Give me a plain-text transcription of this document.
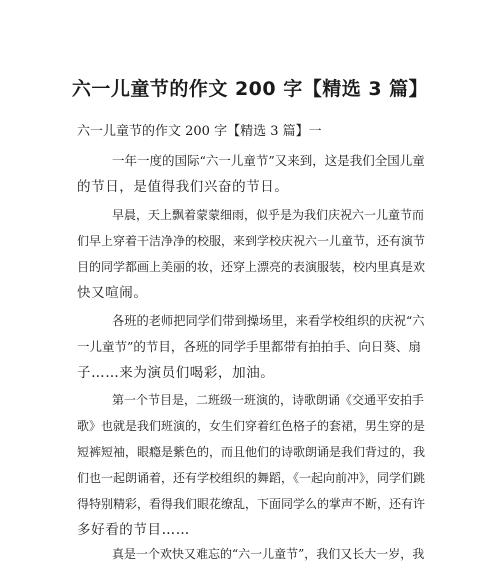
六一儿童节的作文 200 字【精选 3 篇】
六一儿童节的作文 200 字【精选 3 篇】一
一年一度的国际“六一儿童节”又来到，这是我们全国儿童
的节日，是值得我们兴奋的节日。
早晨，天上飘着蒙蒙细雨，似乎是为我们庆祝六一儿童节而
们早上穿着干洁净净的校服，来到学校庆祝六一儿童节，还有演节
目的同学都画上美丽的妆，还穿上漂亮的表演服装，校内里真是欢
快又喧闹。
各班的老师把同学们带到操场里，来看学校组织的庆祝“六
一儿童节”的节目，各班的同学手里都带有拍拍手、向日葵、扇
子……来为演员们喝彩，加油。
第一个节目是，二班级一班演的，诗歌朗诵《交通平安拍手
歌》也就是我们班演的，女生们穿着红色格子的套裙，男生穿的是
短裤短袖，眼瘾是紫色的，而且他们的诗歌朗诵是我们背过的，我
们也一起朗诵着，还有学校组织的舞蹈，《一起向前冲》，同学们跳
得特别精彩，看得我们眼花缭乱，下面同学么的掌声不断，还有许
多好看的节目……
真是一个欢快又难忘的“六一儿童节”，我们又长大一岁，我
